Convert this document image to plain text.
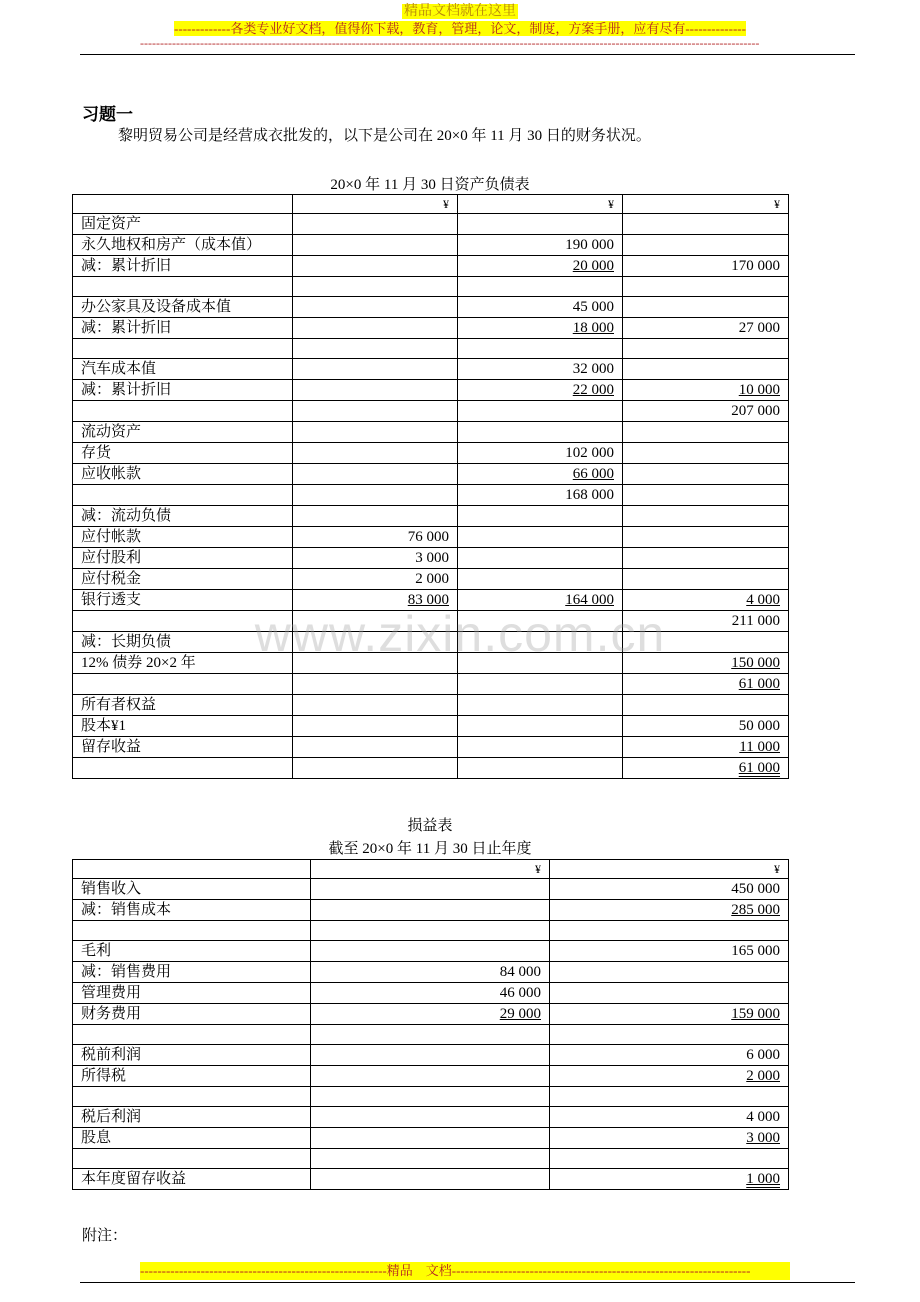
精品文档就在这里
-------------各类专业好文档，值得你下载，教育，管理，论文，制度，方案手册，应有尽有--------------
-----------------------------------------------------------------------------------------------------------------------------------------------------------
习题一
黎明贸易公司是经营成衣批发的，以下是公司在 20×0 年 11 月 30 日的财务状况。
20×0 年 11 月 30 日资产负债表
	¥	¥	¥
固定资产			
永久地权和房产（成本值）		190 000	
减：累计折旧		20 000	170 000

办公家具及设备成本值		45 000	
减：累计折旧		18 000	27 000

汽车成本值		32 000	
减：累计折旧		22 000	10 000
			207 000
流动资产			
存货		102 000	
应收帐款		66 000	
		168 000	
减：流动负债			
应付帐款	76 000		
应付股利	3 000		
应付税金	2 000		
银行透支	83 000	164 000	4 000
			211 000
减：长期负债			
12% 债券 20×2 年			150 000
			61 000
所有者权益			
股本¥1			50 000
留存收益			11 000
			61 000
www.zixin.com.cn
损益表
截至 20×0 年 11 月 30 日止年度
	¥	¥
销售收入		450 000
减：销售成本		285 000

毛利		165 000
减：销售费用	84 000	
管理费用	46 000	
财务费用	29 000	159 000

税前利润		6 000
所得税		2 000

税后利润		4 000
股息		3 000

本年度留存收益		1 000
附注：
---------------------------------------------------------精品　文档---------------------------------------------------------------------
